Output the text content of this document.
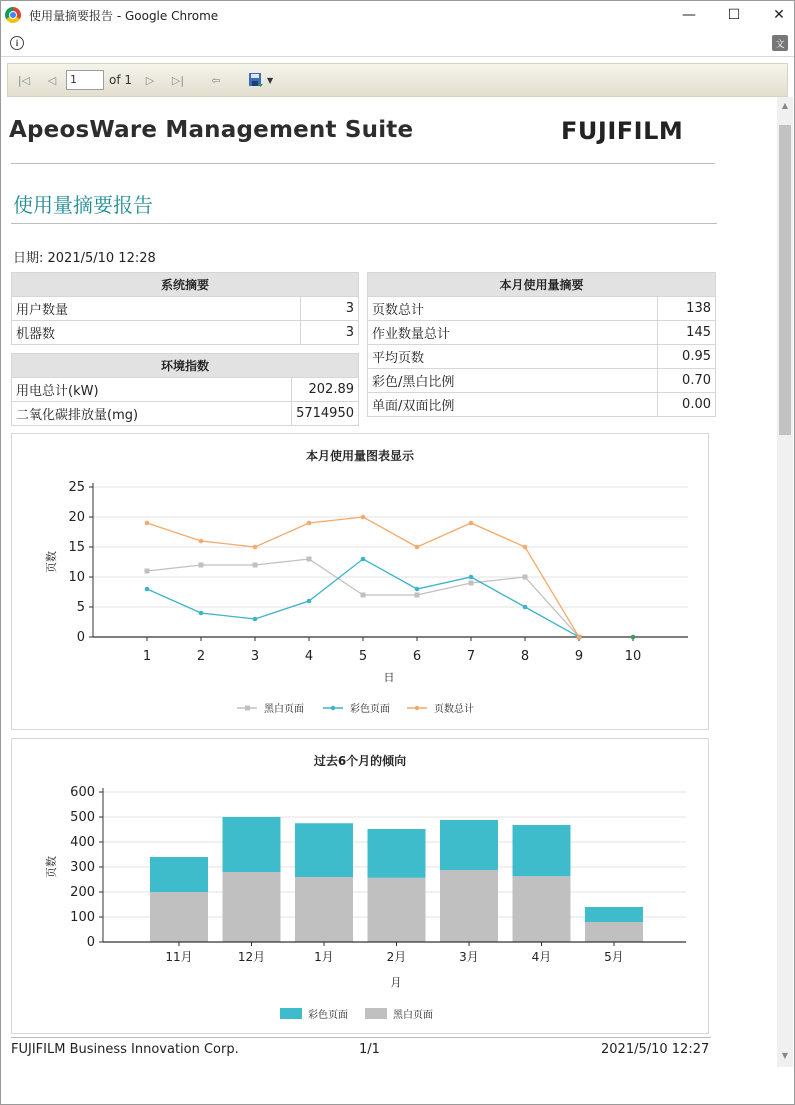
使用量摘要报告 - Google Chrome	—	☐	✕
i	文
|◁	◁	1	of 1	▷	▷|	⇦	▼
ApeosWare Management Suite	FUJIFILM
使用量摘要报告
日期: 2021/5/10 12:28
系统摘要	
用户数量	3
机器数	3
环境指数	
用电总计(kW)	202.89
二氧化碳排放量(mg)	5714950
本月使用量摘要	
页数总计	138
作业数量总计	145
平均页数	0.95
彩色/黑白比例	0.70
单面/双面比例	0.00
本月使用量图表显示
页数
日
0
5
10
15
20
25
1	2	3	4	5	6	7	8	9	10
黑白页面	彩色页面	页数总计
过去6个月的倾向
页数
月
0
100
200
300
400
500
600
11月	12月	1月	2月	3月	4月	5月
彩色页面	黑白页面
FUJIFILM Business Innovation Corp.	1/1	2021/5/10 12:27
▲
▼
